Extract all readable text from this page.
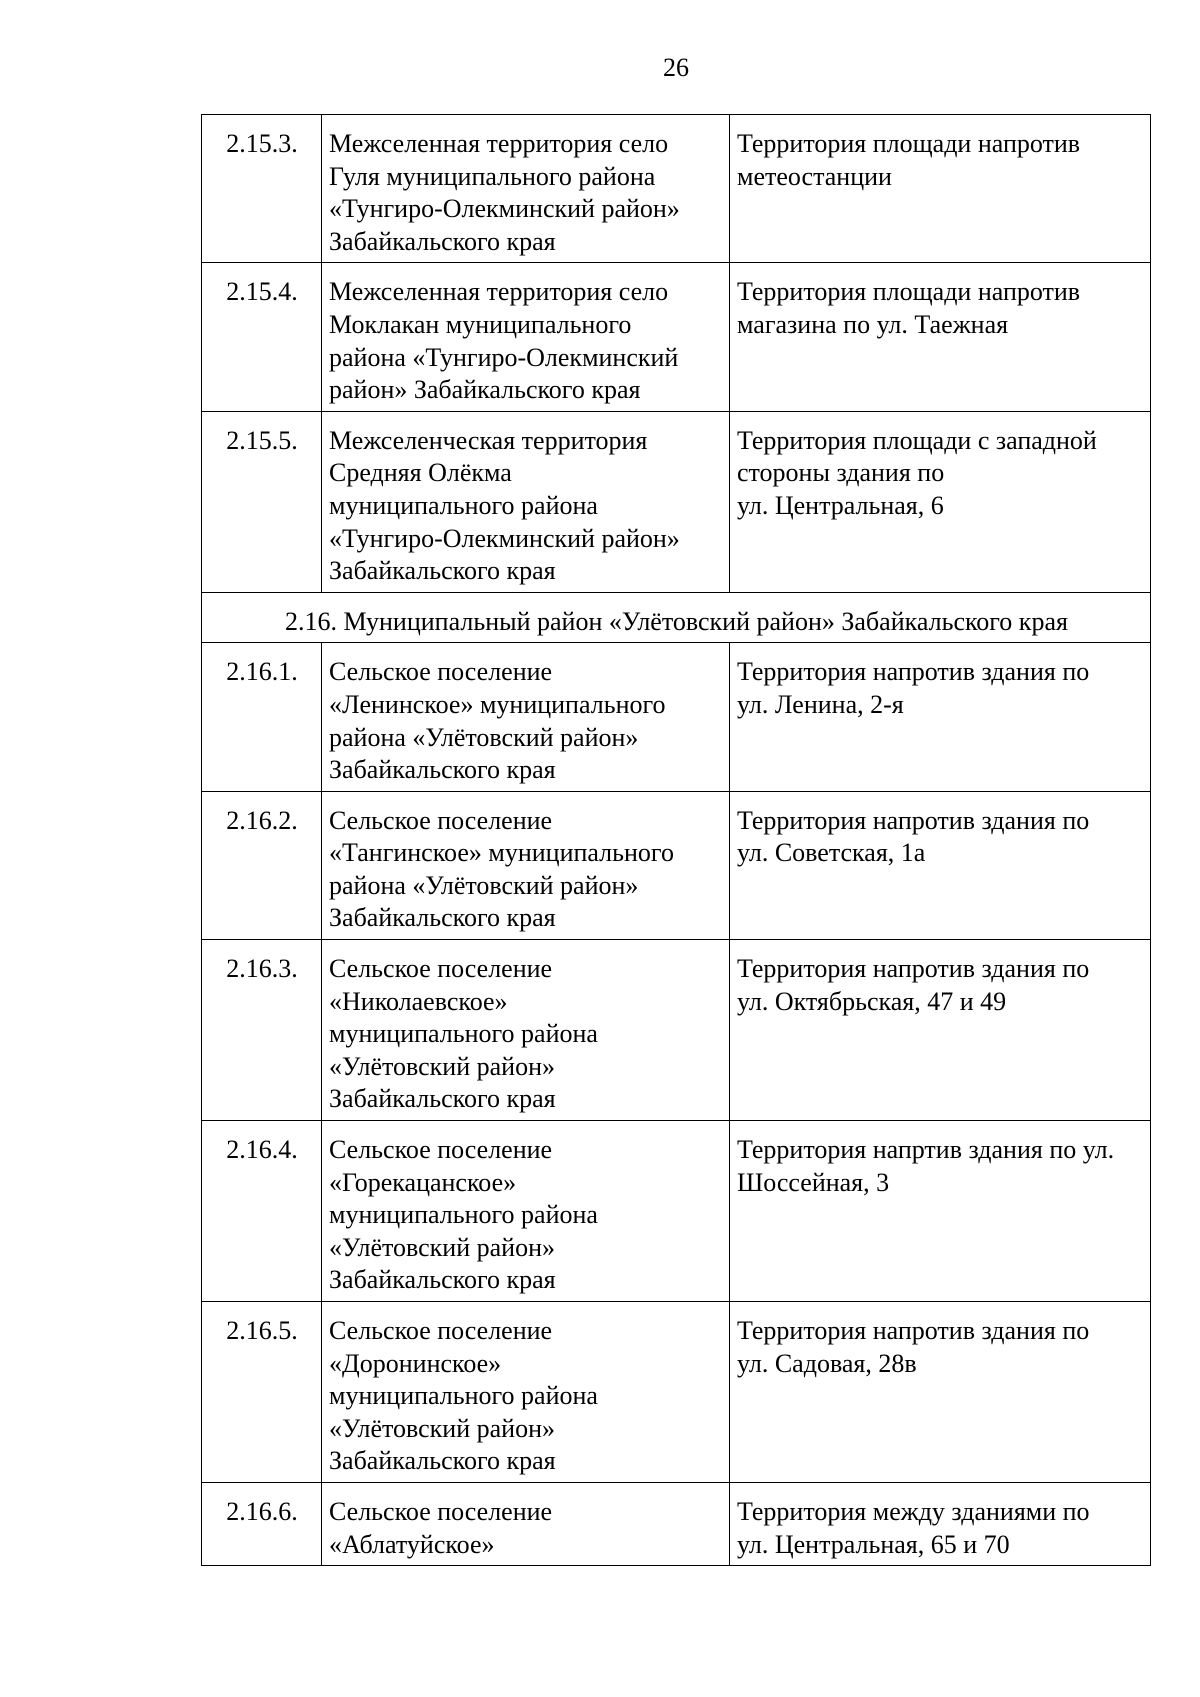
26
2.15.3.	Межселенная территория село
Гуля муниципального района
«Тунгиро-Олекминский район»
Забайкальского края	Территория площади напротив
метеостанции

2.15.4.	Межселенная территория село
Моклакан муниципального
района «Тунгиро-Олекминский
район» Забайкальского края	Территория площади напротив
магазина по ул. Таежная

2.15.5.	Межселенческая территория
Средняя Олёкма
муниципального района
«Тунгиро-Олекминский район»
Забайкальского края	Территория площади с западной
стороны здания по
ул. Центральная, 6

2.16. Муниципальный район «Улётовский район» Забайкальского края		
2.16.1.	Сельское поселение
«Ленинское» муниципального
района «Улётовский район»
Забайкальского края	Территория напротив здания по
ул. Ленина, 2-я

2.16.2.	Сельское поселение
«Тангинское» муниципального
района «Улётовский район»
Забайкальского края	Территория напротив здания по
ул. Советская, 1а

2.16.3.	Сельское поселение
«Николаевское»
муниципального района
«Улётовский район»
Забайкальского края	Территория напротив здания по
ул. Октябрьская, 47 и 49

2.16.4.	Сельское поселение
«Горекацанское»
муниципального района
«Улётовский район»
Забайкальского края	Территория напртив здания по ул.
Шоссейная, 3

2.16.5.	Сельское поселение
«Доронинское»
муниципального района
«Улётовский район»
Забайкальского края	Территория напротив здания по
ул. Садовая, 28в

2.16.6.	Сельское поселение
«Аблатуйское»	Территория между зданиями по
ул. Центральная, 65 и 70
